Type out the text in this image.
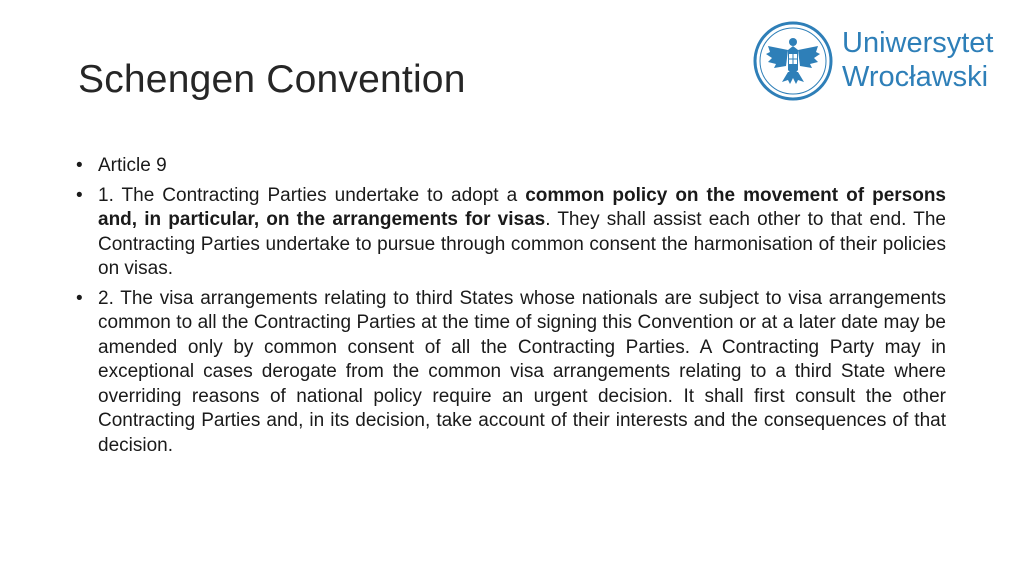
Schengen Convention
Uniwersytet
Wrocławski
• Article 9
• 1. The Contracting Parties undertake to adopt a common policy on the movement of persons and, in particular, on the arrangements for visas. They shall assist each other to that end. The Contracting Parties undertake to pursue through common consent the harmonisation of their policies on visas.
• 2. The visa arrangements relating to third States whose nationals are subject to visa arrangements common to all the Contracting Parties at the time of signing this Convention or at a later date may be amended only by common consent of all the Contracting Parties. A Contracting Party may in exceptional cases derogate from the common visa arrangements relating to a third State where overriding reasons of national policy require an urgent decision. It shall first consult the other Contracting Parties and, in its decision, take account of their interests and the consequences of that decision.
